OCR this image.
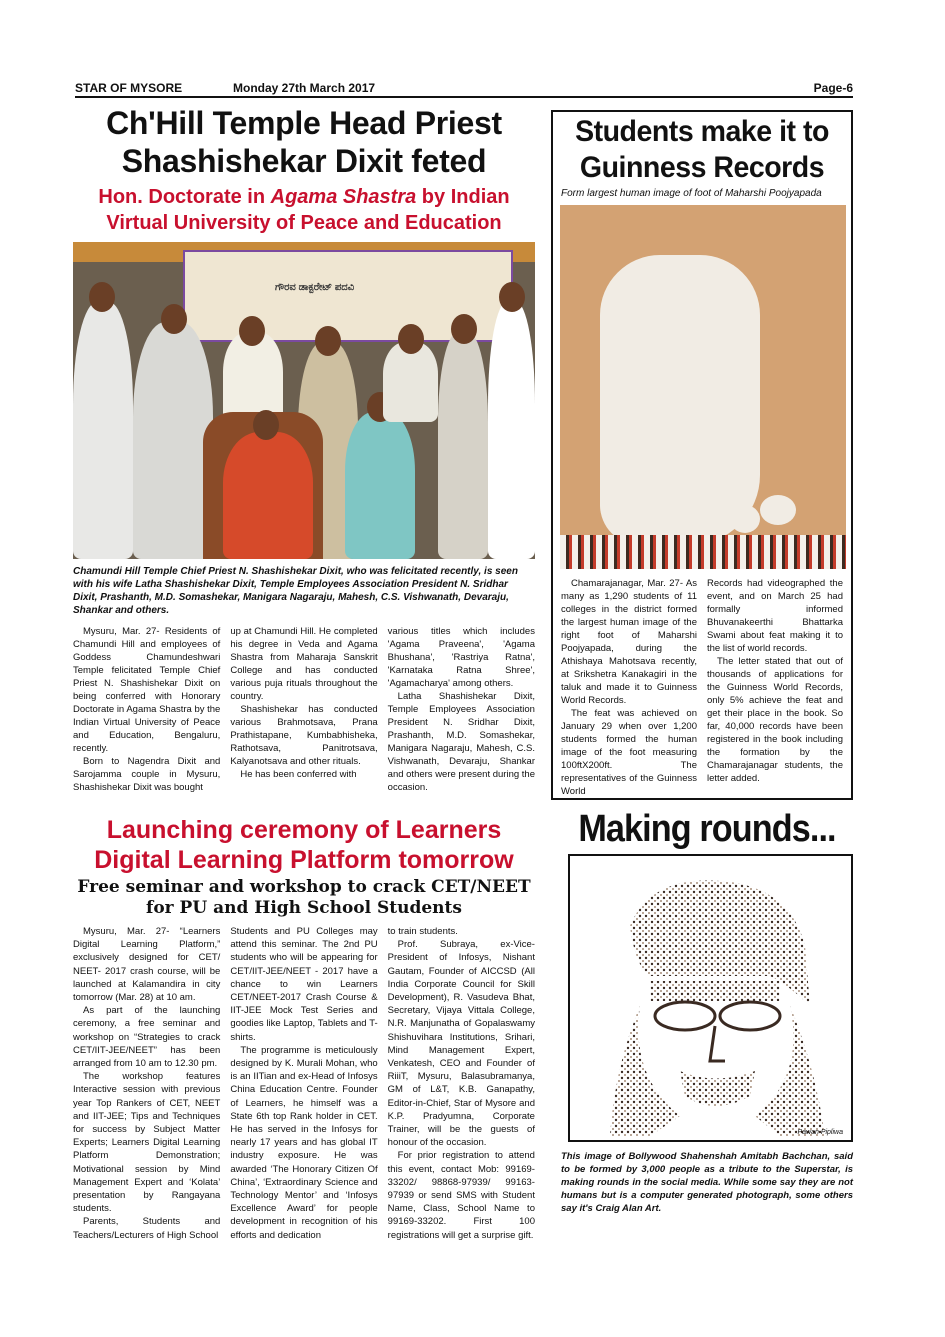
STAR OF MYSORE	Monday 27th March 2017	Page-6
Ch'Hill Temple Head Priest
Shashishekar Dixit feted
Hon. Doctorate in Agama Shastra by Indian
Virtual University of Peace and Education
ಗೌರವ ಡಾಕ್ಟರೇಟ್ ಪದವಿ
Chamundi Hill Temple Chief Priest N. Shashishekar Dixit, who was felicitated recently, is seen with his wife Latha Shashishekar Dixit, Temple Employees Association President N. Sridhar Dixit, Prashanth, M.D. Somashekar, Manigara Nagaraju, Mahesh, C.S. Vishwanath, Devaraju, Shankar and others.

Mysuru, Mar. 27- Residents of Chamundi Hill and employees of Goddess Chamundeshwari Temple felicitated Temple Chief Priest N. Shashishekar Dixit on being conferred with Honorary Doctorate in Agama Shastra by the Indian Virtual University of Peace and Education, Bengaluru, recently.

Born to Nagendra Dixit and Sarojamma couple in Mysuru, Shashishekar Dixit was bought

up at Chamundi Hill. He completed his degree in Veda and Agama Shastra from Maharaja Sanskrit College and has conducted various puja rituals throughout the country.

Shashishekar has conducted various Brahmotsava, Prana Prathistapane, Kumbabhisheka, Rathotsava, Panitrotsava, Kalyanotsava and other rituals.

He has been conferred with

various titles which includes 'Agama Praveena', 'Agama Bhushana', 'Rastriya Ratna', 'Karnataka Ratna Shree', 'Agamacharya' among others.

Latha Shashishekar Dixit, Temple Employees Association President N. Sridhar Dixit, Prashanth, M.D. Somashekar, Manigara Nagaraju, Mahesh, C.S. Vishwanath, Devaraju, Shankar and others were present during the occasion.

Students make it to
Guinness Records
Form largest human image of foot of Maharshi Poojyapada

Chamarajanagar, Mar. 27- As many as 1,290 students of 11 colleges in the district formed the largest human image of the right foot of Maharshi Poojyapada, during the Athishaya Mahotsava recently, at Srikshetra Kanakagiri in the taluk and made it to Guinness World Records.

The feat was achieved on January 29 when over 1,200 students formed the human image of the foot measuring 100ftX200ft. The representatives of the Guinness World

Records had videographed the event, and on March 25 had formally informed Bhuvanakeerthi Bhattarka Swami about feat making it to the list of world records.

The letter stated that out of thousands of applications for the Guinness World Records, only 5% achieve the feat and get their place in the book. So far, 40,000 records have been registered in the book including the formation by the Chamarajanagar students, the letter added.

Launching ceremony of Learners
Digital Learning Platform tomorrow
Free seminar and workshop to crack CET/NEET
for PU and High School Students

Mysuru, Mar. 27- “Learners Digital Learning Platform,” exclusively designed for CET/ NEET- 2017 crash course, will be launched at Kalamandira in city tomorrow (Mar. 28) at 10 am.

As part of the launching ceremony, a free seminar and workshop on “Strategies to crack CET/IIT-JEE/NEET” has been arranged from 10 am to 12.30 pm.

The workshop features Interactive session with previous year Top Rankers of CET, NEET and IIT-JEE; Tips and Techniques for success by Subject Matter Experts; Learners Digital Learning Platform Demonstration; Motivational session by Mind Management Expert and ‘Kolata’ presentation by Rangayana students.

Parents, Students and Teachers/Lecturers of High School

Students and PU Colleges may attend this seminar. The 2nd PU students who will be appearing for CET/IIT-JEE/NEET - 2017 have a chance to win Learners CET/NEET-2017 Crash Course & IIT-JEE Mock Test Series and goodies like Laptop, Tablets and T-shirts.

The programme is meticulously designed by K. Murali Mohan, who is an IITian and ex-Head of Infosys China Education Centre. Founder of Learners, he himself was a State 6th top Rank holder in CET. He has served in the Infosys for nearly 17 years and has global IT industry exposure. He was awarded ‘The Honorary Citizen Of China’, ‘Extraordinary Science and Technology Mentor’ and ‘Infosys Excellence Award’ for people development in recognition of his efforts and dedication

to train students.

Prof. Subraya, ex-Vice-President of Infosys, Nishant Gautam, Founder of AICCSD (All India Corporate Council for Skill Development), R. Vasudeva Bhat, Secretary, Vijaya Vittala College, N.R. Manjunatha of Gopalaswamy Shishuvihara Institutions, Srihari, Mind Management Expert, Venkatesh, CEO and Founder of RiiiT, Mysuru, Balasubramanya, GM of L&T, K.B. Ganapathy, Editor-in-Chief, Star of Mysore and K.P. Pradyumna, Corporate Trainer, will be the guests of honour of the occasion.

For prior registration to attend this event, contact Mob: 99169-33202/ 98868-97939/ 99163-97939 or send SMS with Student Name, Class, School Name to 99169-33202. First 100 registrations will get a surprise gift.

Making rounds...
Pawan Pipliwa
This image of Bollywood Shahenshah Amitabh Bachchan, said to be formed by 3,000 people as a tribute to the Superstar, is making rounds in the social media. While some say they are not humans but is a computer generated photograph, some others say it's Craig Alan Art.
